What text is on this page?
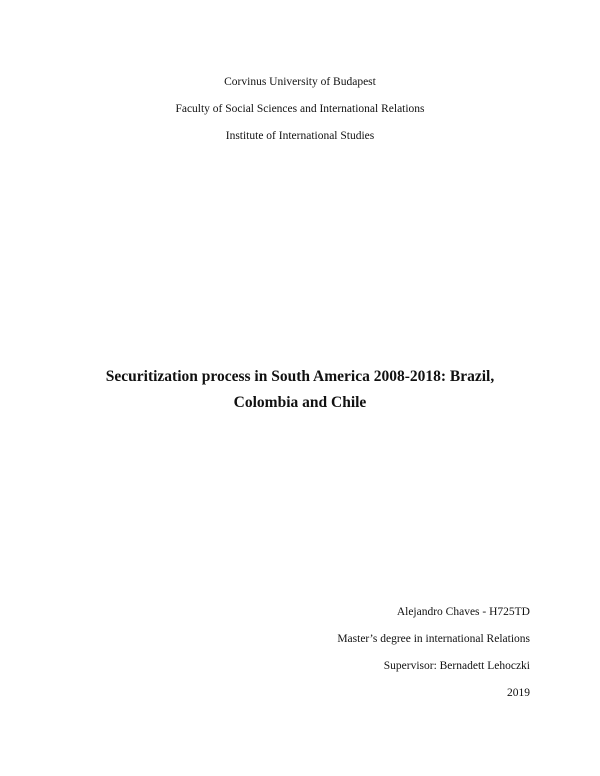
Corvinus University of Budapest
Faculty of Social Sciences and International Relations
Institute of International Studies
Securitization process in South America 2008-2018: Brazil,
Colombia and Chile
Alejandro Chaves - H725TD
Master’s degree in international Relations
Supervisor: Bernadett Lehoczki
2019
